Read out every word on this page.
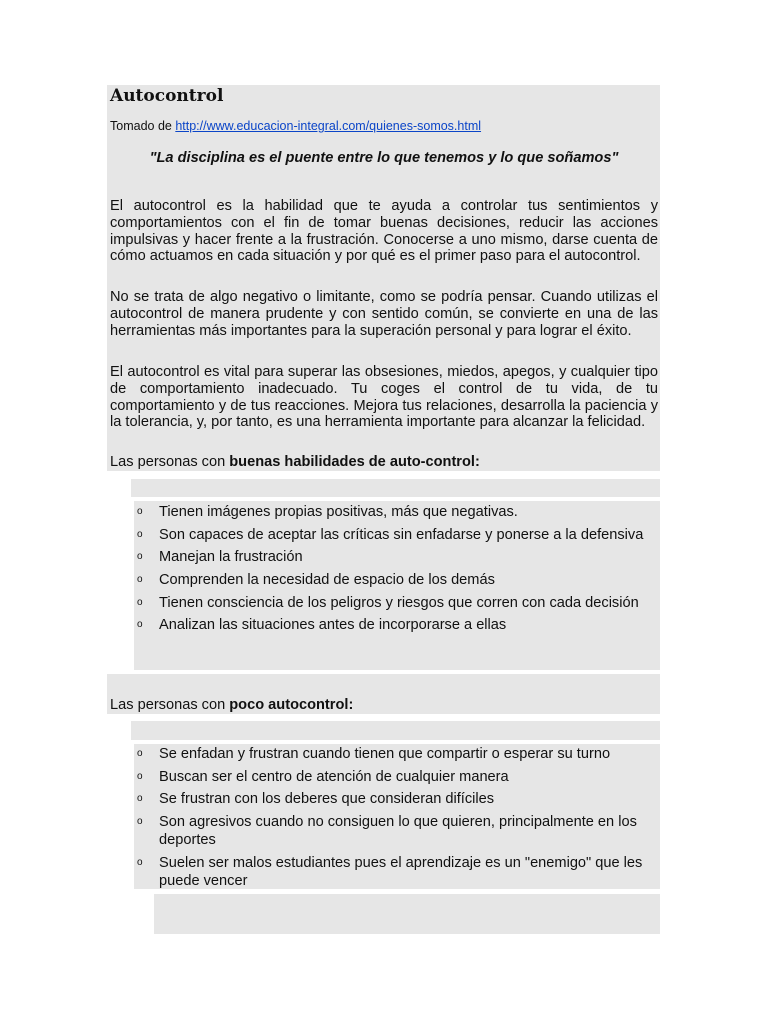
Autocontrol
Tomado de http://www.educacion-integral.com/quienes-somos.html
"La disciplina es el puente entre lo que tenemos y lo que soñamos"

El autocontrol es la habilidad que te ayuda a controlar tus sentimientos y comportamientos con el fin de tomar buenas decisiones, reducir las acciones impulsivas y hacer frente a la frustración. Conocerse a uno mismo, darse cuenta de cómo actuamos en cada situación y por qué es el primer paso para el autocontrol.

No se trata de algo negativo o limitante, como se podría pensar. Cuando utilizas el autocontrol de manera prudente y con sentido común, se convierte en una de las herramientas más importantes para la superación personal y para lograr el éxito.

El autocontrol es vital para superar las obsesiones, miedos, apegos, y cualquier tipo de comportamiento inadecuado. Tu coges el control de tu vida, de tu comportamiento y de tus reacciones. Mejora tus relaciones, desarrolla la paciencia y la tolerancia, y, por tanto, es una herramienta importante para alcanzar la felicidad.

Las personas con buenas habilidades de auto-control:
o Tienen imágenes propias positivas, más que negativas.
o Son capaces de aceptar las críticas sin enfadarse y ponerse a la defensiva
o Manejan la frustración
o Comprenden la necesidad de espacio de los demás
o Tienen consciencia de los peligros y riesgos que corren con cada decisión
o Analizan las situaciones antes de incorporarse a ellas
Las personas con poco autocontrol:
o Se enfadan y frustran cuando tienen que compartir o esperar su turno
o Buscan ser el centro de atención de cualquier manera
o Se frustran con los deberes que consideran difíciles
o Son agresivos cuando no consiguen lo que quieren, principalmente en los deportes
o Suelen ser malos estudiantes pues el aprendizaje es un "enemigo" que les puede vencer
